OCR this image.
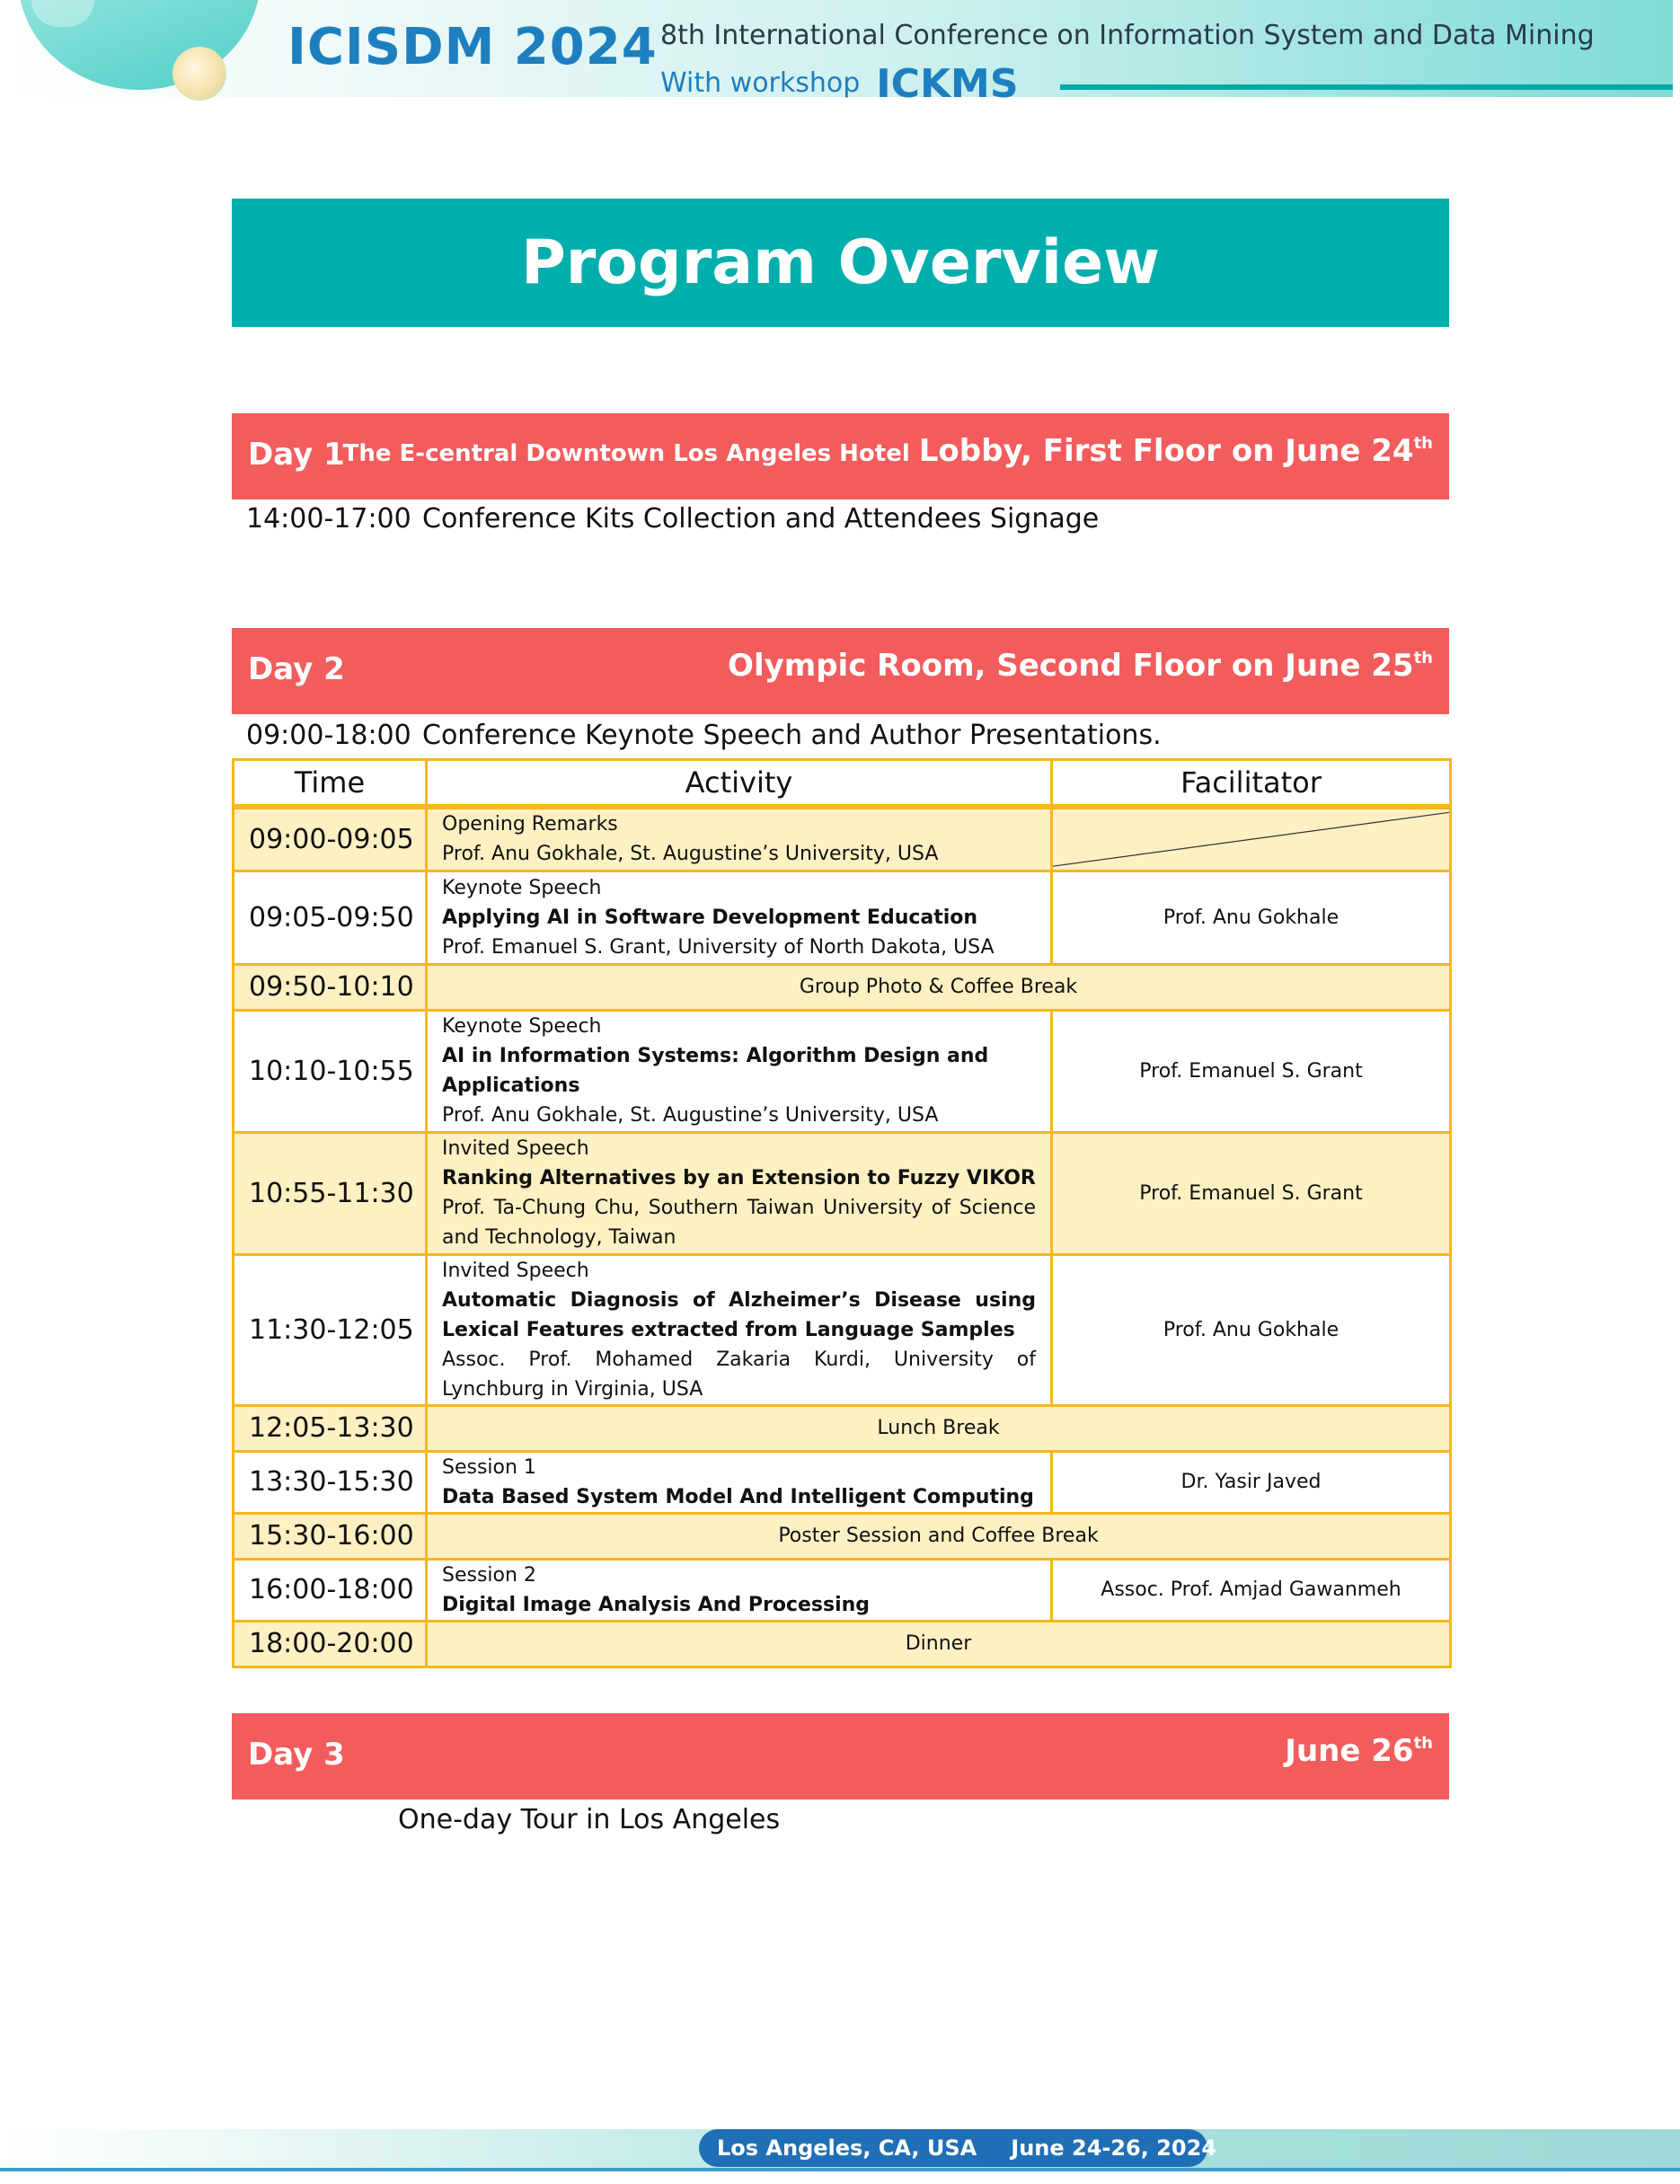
ICISDM 2024 8th International Conference on Information System and Data Mining
With workshop ICKMS
Program Overview
Day 1
The E-central Downtown Los Angeles Hotel Lobby, First Floor on June 24th
14:00-17:00 Conference Kits Collection and Attendees Signage
Day 2	Olympic Room, Second Floor on June 25th
09:00-18:00 Conference Keynote Speech and Author Presentations.
Time	Activity	Facilitator
09:00-09:05	Opening Remarks
Prof. Anu Gokhale, St. Augustine’s University, USA

09:05-09:50	Keynote Speech
Applying AI in Software Development Education
Prof. Emanuel S. Grant, University of North Dakota, USA	Prof. Anu Gokhale
09:50-10:10	Group Photo & Coffee Break	
10:10-10:55	Keynote Speech
AI in Information Systems: Algorithm Design and Applications
Prof. Anu Gokhale, St. Augustine’s University, USA	Prof. Emanuel S. Grant
10:55-11:30	Invited Speech
Ranking Alternatives by an Extension to Fuzzy VIKOR
Prof. Ta-Chung Chu, Southern Taiwan University of Science and Technology, Taiwan	Prof. Emanuel S. Grant
11:30-12:05	Invited Speech
Automatic Diagnosis of Alzheimer’s Disease using Lexical Features extracted from Language Samples
Assoc. Prof. Mohamed Zakaria Kurdi, University of Lynchburg in Virginia, USA	Prof. Anu Gokhale
12:05-13:30	Lunch Break	
13:30-15:30	Session 1
Data Based System Model And Intelligent Computing	Dr. Yasir Javed
15:30-16:00	Poster Session and Coffee Break	
16:00-18:00	Session 2
Digital Image Analysis And Processing	Assoc. Prof. Amjad Gawanmeh
18:00-20:00	Dinner	
Day 3	June 26th
One-day Tour in Los Angeles
Los Angeles, CA, USA June 24-26, 2024
